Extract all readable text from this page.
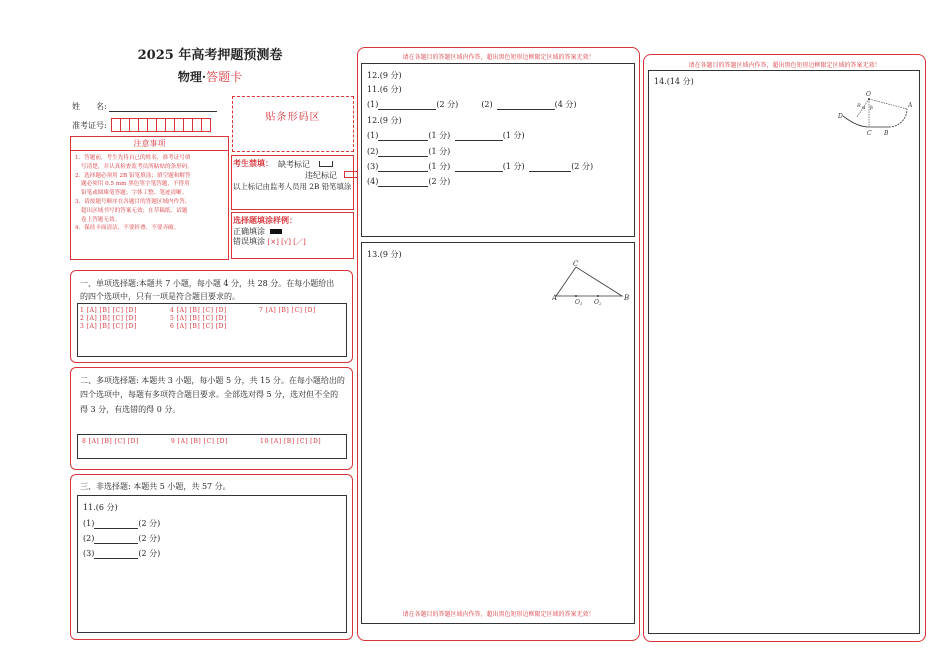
2025 年高考押题预测卷
物理·答题卡
姓　　名:
准考证号:
贴条形码区
注意事项

1．答题前，考生先将自己的姓名，准考证号填

写清楚，并认真检查监考员所粘贴的条形码。

2．选择题必须用 2B 铅笔填涂；填空题和解答

题必须用 0.5 mm 黑色签字笔答题，不得用

铅笔或圆珠笔答题；字体工整、笔迹清晰。

3．请按题号顺序在各题目的答题区域内作答，

超出区域书写的答案无效；在草稿纸、试题

卷上答题无效。

4．保持卡面清洁，不要折叠、不要弄破。

考生禁填： 缺考标记
违纪标记
以上标记由监考人员用 2B 铅笔填涂
选择题填涂样例：
正确填涂
错误填涂 [×] [√] [／]
一、单项选择题:本题共 7 小题，每小题 4 分，共 28 分。在每小题给出
的四个选项中，只有一项是符合题目要求的。
1 [A] [B] [C] [D]	4 [A] [B] [C] [D]	7 [A] [B] [C] [D]
2 [A] [B] [C] [D]	5 [A] [B] [C] [D]
3 [A] [B] [C] [D]	6 [A] [B] [C] [D]
二、多项选择题: 本题共 3 小题，每小题 5 分，共 15 分。在每小题给出的
四个选项中，每题有多项符合题目要求。全部选对得 5 分，选对但不全的
得 3 分，有选错的得 0 分。
8 [A] [B] [C] [D]	9 [A] [B] [C] [D]	10 [A] [B] [C] [D]
三、非选择题: 本题共 5 小题，共 57 分。
11.(6 分)
(1)	(2 分)
(2)	(2 分)
(3)	(2 分)
请在各题目的答题区域内作答，超出黑色矩形边框限定区域的答案无效！
请在各题目的答题区域内作答，超出黑色矩形边框限定区域的答案无效！
12.(9 分)
11.(6 分)
(1)	(2 分)	(2)	(4 分)
12.(9 分)
(1)	(1 分)	(1 分)
(2)	(1 分)
(3)	(1 分)	(1 分)	(2 分)
(4)	(2 分)
13.(9 分)
A	B
C
O1 O2
请在各题目的答题区域内作答，超出黑色矩形边框限定区域的答案无效！
14.(14 分)
O
A
B
C
D
α β
R
